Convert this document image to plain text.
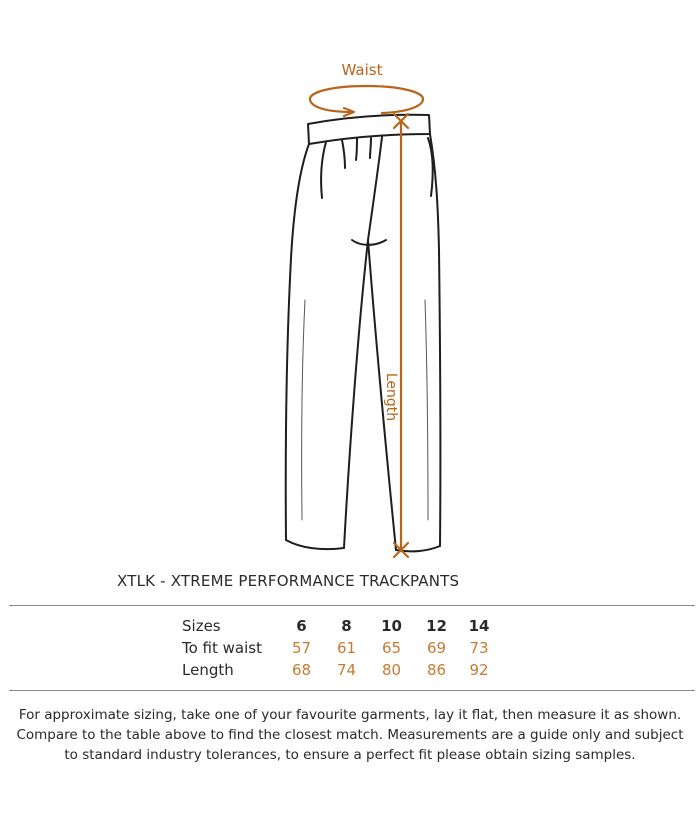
Waist
Length
XTLK - XTREME PERFORMANCE TRACKPANTS
Sizes	6	8	10	12	14
To fit waist	57	61	65	69	73
Length	68	74	80	86	92
For approximate sizing, take one of your favourite garments, lay it flat, then measure it as shown. Compare to the table above to find the closest match. Measurements are a guide only and subject to standard industry tolerances, to ensure a perfect fit please obtain sizing samples.
